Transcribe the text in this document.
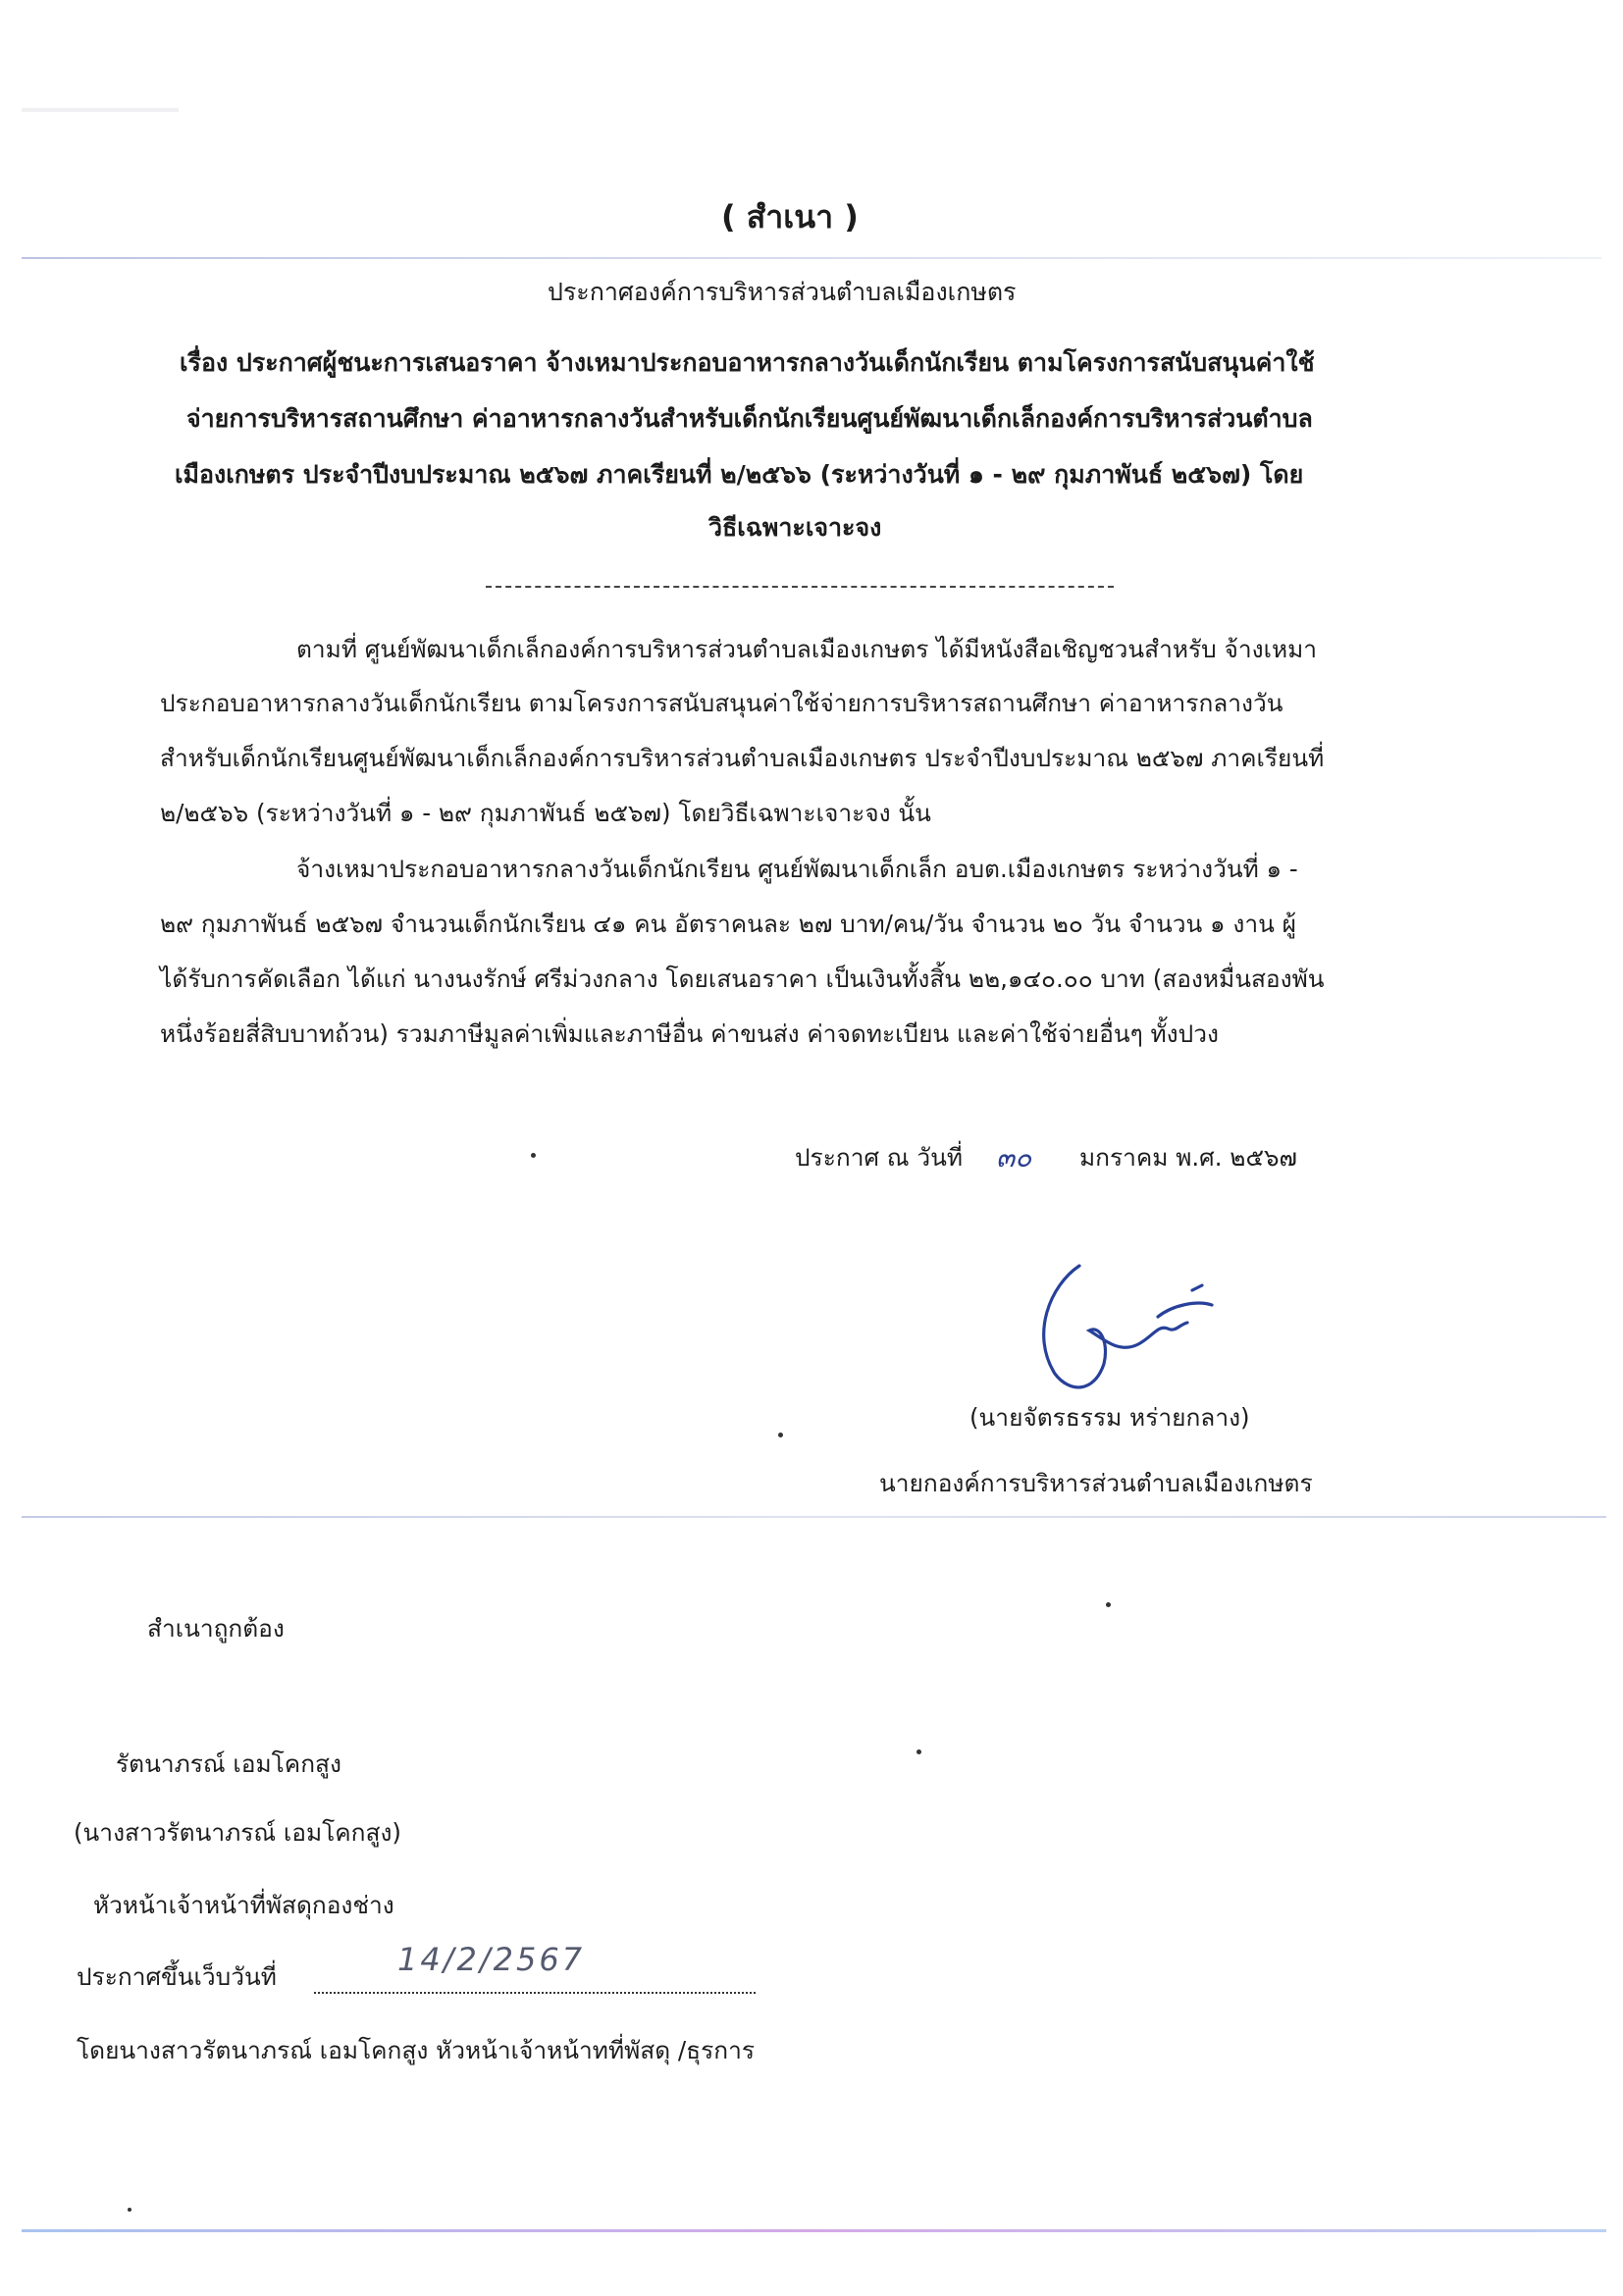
( สำเนา )

ประกาศองค์การบริหารส่วนตำบลเมืองเกษตร

เรื่อง ประกาศผู้ชนะการเสนอราคา จ้างเหมาประกอบอาหารกลางวันเด็กนักเรียน ตามโครงการสนับสนุนค่าใช้

จ่ายการบริหารสถานศึกษา ค่าอาหารกลางวันสำหรับเด็กนักเรียนศูนย์พัฒนาเด็กเล็กองค์การบริหารส่วนตำบล

เมืองเกษตร ประจำปีงบประมาณ ๒๕๖๗ ภาคเรียนที่ ๒/๒๕๖๖ (ระหว่างวันที่ ๑ - ๒๙ กุมภาพันธ์ ๒๕๖๗) โดย

วิธีเฉพาะเจาะจง

ตามที่ ศูนย์พัฒนาเด็กเล็กองค์การบริหารส่วนตำบลเมืองเกษตร ได้มีหนังสือเชิญชวนสำหรับ จ้างเหมา

ประกอบอาหารกลางวันเด็กนักเรียน ตามโครงการสนับสนุนค่าใช้จ่ายการบริหารสถานศึกษา ค่าอาหารกลางวัน

สำหรับเด็กนักเรียนศูนย์พัฒนาเด็กเล็กองค์การบริหารส่วนตำบลเมืองเกษตร ประจำปีงบประมาณ ๒๕๖๗ ภาคเรียนที่

๒/๒๕๖๖ (ระหว่างวันที่ ๑ - ๒๙ กุมภาพันธ์ ๒๕๖๗) โดยวิธีเฉพาะเจาะจง นั้น

จ้างเหมาประกอบอาหารกลางวันเด็กนักเรียน ศูนย์พัฒนาเด็กเล็ก อบต.เมืองเกษตร ระหว่างวันที่ ๑ -

๒๙ กุมภาพันธ์ ๒๕๖๗ จำนวนเด็กนักเรียน ๔๑ คน อัตราคนละ ๒๗ บาท/คน/วัน จำนวน ๒๐ วัน จำนวน ๑ งาน ผู้

ได้รับการคัดเลือก ได้แก่ นางนงรักษ์ ศรีม่วงกลาง โดยเสนอราคา เป็นเงินทั้งสิ้น ๒๒,๑๔๐.๐๐ บาท (สองหมื่นสองพัน

หนึ่งร้อยสี่สิบบาทถ้วน) รวมภาษีมูลค่าเพิ่มและภาษีอื่น ค่าขนส่ง ค่าจดทะเบียน และค่าใช้จ่ายอื่นๆ ทั้งปวง

ประกาศ ณ วันที่ ๓๐ มกราคม พ.ศ. ๒๕๖๗

(นายจัตรธรรม หร่ายกลาง)

นายกองค์การบริหารส่วนตำบลเมืองเกษตร

สำเนาถูกต้อง

รัตนาภรณ์ เอมโคกสูง

(นางสาวรัตนาภรณ์ เอมโคกสูง)

หัวหน้าเจ้าหน้าที่พัสดุกองช่าง

ประกาศขึ้นเว็บวันที่	14/2/2567

โดยนางสาวรัตนาภรณ์ เอมโคกสูง หัวหน้าเจ้าหน้าทที่พัสดุ /ธุรการ
